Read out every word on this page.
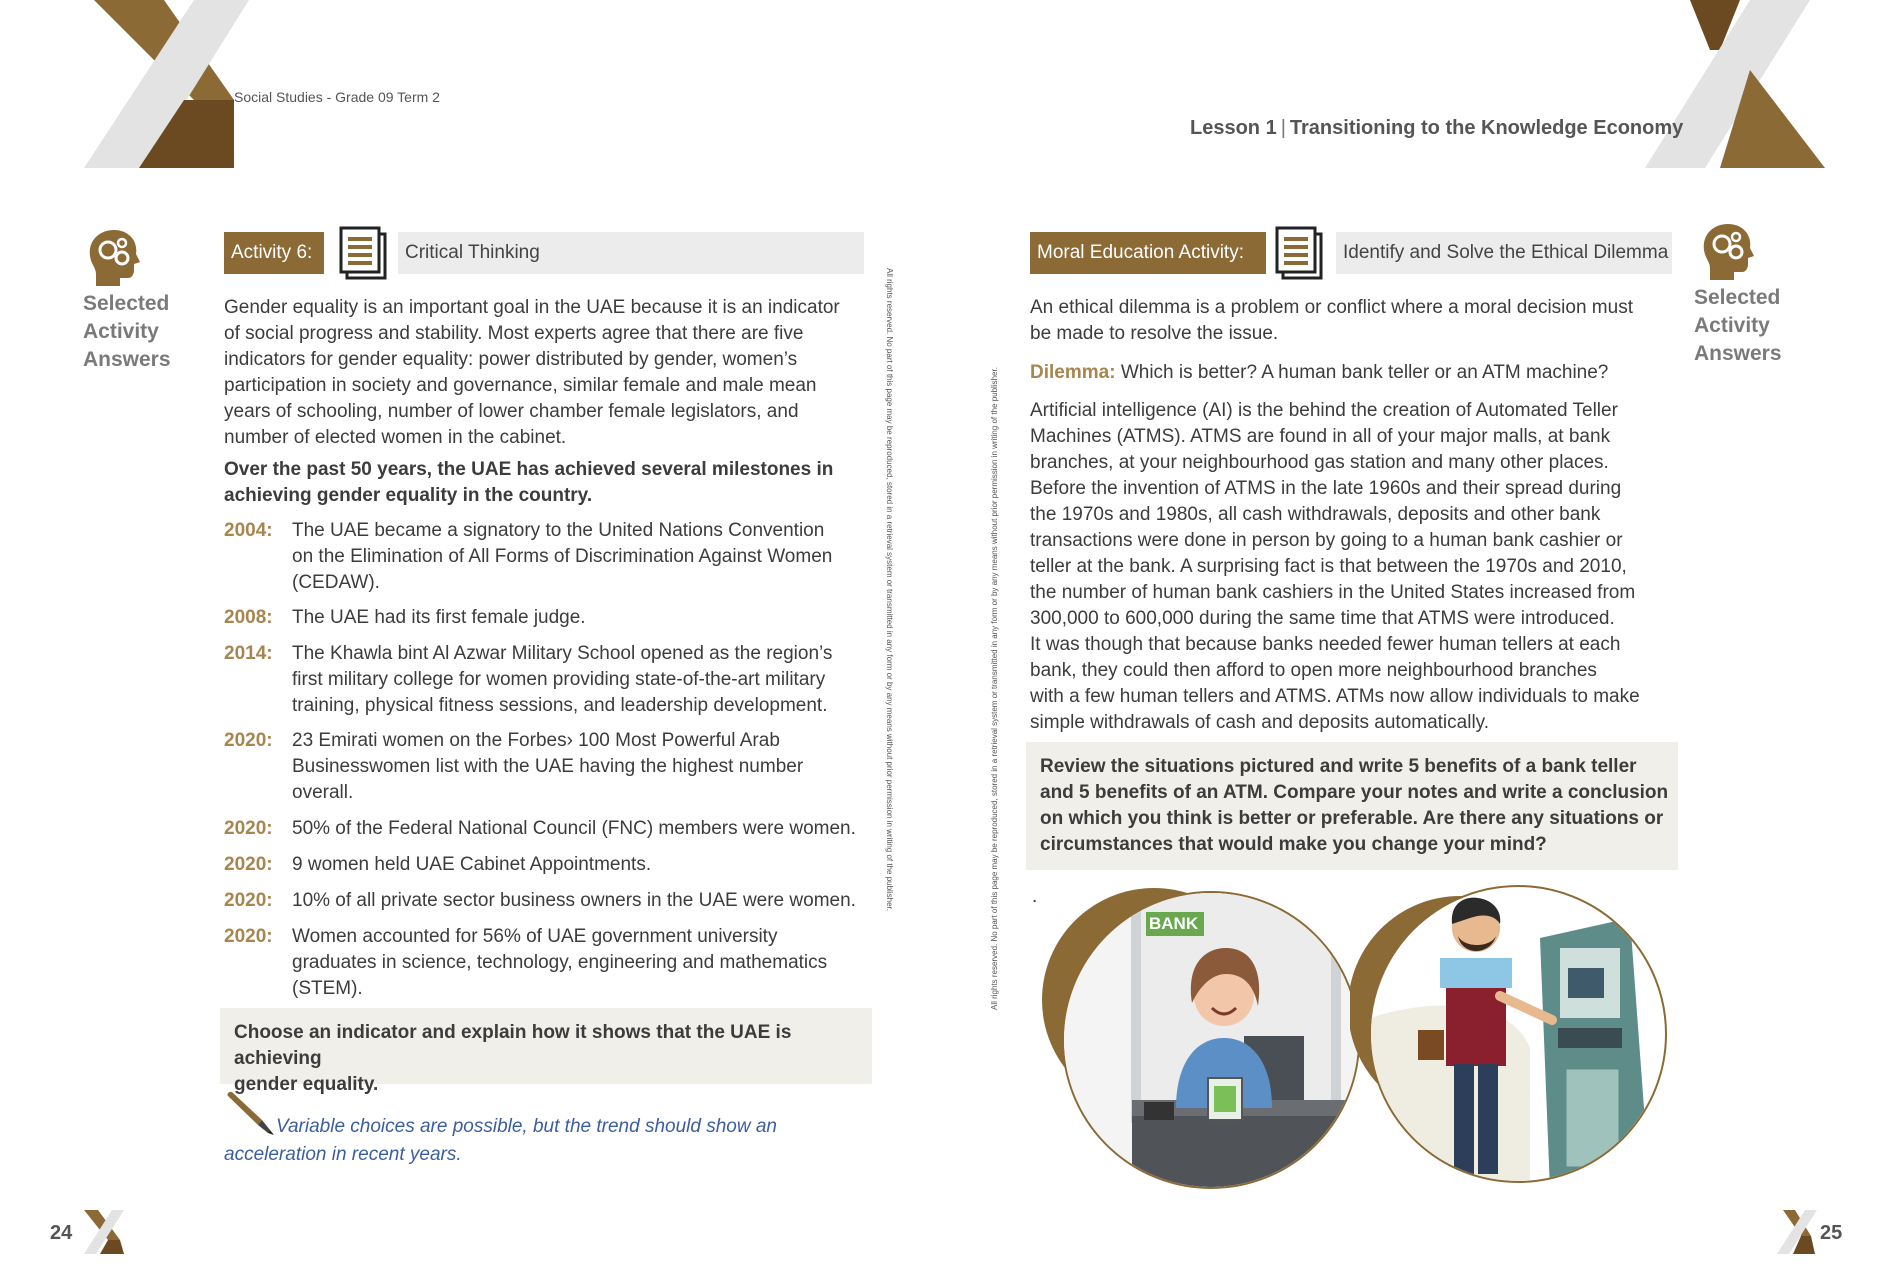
Social Studies - Grade 09 Term 2
Selected
Activity
Answers
Activity 6:	Critical Thinking
Gender equality is an important goal in the UAE because it is an indicator
of social progress and stability. Most experts agree that there are five
indicators for gender equality: power distributed by gender, women’s
participation in society and governance, similar female and male mean
years of schooling, number of lower chamber female legislators, and
number of elected women in the cabinet.
Over the past 50 years, the UAE has achieved several milestones in
achieving gender equality in the country.
2004:	The UAE became a signatory to the United Nations Convention
on the Elimination of All Forms of Discrimination Against Women
(CEDAW).
2008:	The UAE had its first female judge.
2014:	The Khawla bint Al Azwar Military School opened as the region’s
first military college for women providing state-of-the-art military
training, physical fitness sessions, and leadership development.
2020:	23 Emirati women on the Forbes› 100 Most Powerful Arab
Businesswomen list with the UAE having the highest number
overall.
2020:	50% of the Federal National Council (FNC) members were women.
2020:	9 women held UAE Cabinet Appointments.
2020:	10% of all private sector business owners in the UAE were women.
2020:	Women accounted for 56% of UAE government university
graduates in science, technology, engineering and mathematics
(STEM).
Choose an indicator and explain how it shows that the UAE is achieving
gender equality.
Variable choices are possible, but the trend should show an
acceleration in recent years.
All rights reserved. No part of this page may be reproduced, stored in a retrieval system or transmitted in any form or by any means without prior permission in writing of the publisher.
24
Lesson 1 | Transitioning to the Knowledge Economy
Selected
Activity
Answers
Moral Education Activity:	Identify and Solve the Ethical Dilemma
An ethical dilemma is a problem or conflict where a moral decision must
be made to resolve the issue.
Dilemma: Which is better? A human bank teller or an ATM machine?
Artificial intelligence (AI) is the behind the creation of Automated Teller
Machines (ATMS). ATMS are found in all of your major malls, at bank
branches, at your neighbourhood gas station and many other places.
Before the invention of ATMS in the late 1960s and their spread during
the 1970s and 1980s, all cash withdrawals, deposits and other bank
transactions were done in person by going to a human bank cashier or
teller at the bank. A surprising fact is that between the 1970s and 2010,
the number of human bank cashiers in the United States increased from
300,000 to 600,000 during the same time that ATMS were introduced.
It was though that because banks needed fewer human tellers at each
bank, they could then afford to open more neighbourhood branches
with a few human tellers and ATMS. ATMs now allow individuals to make
simple withdrawals of cash and deposits automatically.
Review the situations pictured and write 5 benefits of a bank teller
and 5 benefits of an ATM. Compare your notes and write a conclusion
on which you think is better or preferable. Are there any situations or
circumstances that would make you change your mind?
.
BANK
All rights reserved. No part of this page may be reproduced, stored in a retrieval system or transmitted in any form or by any means without prior permission in writing of the publisher.
25
